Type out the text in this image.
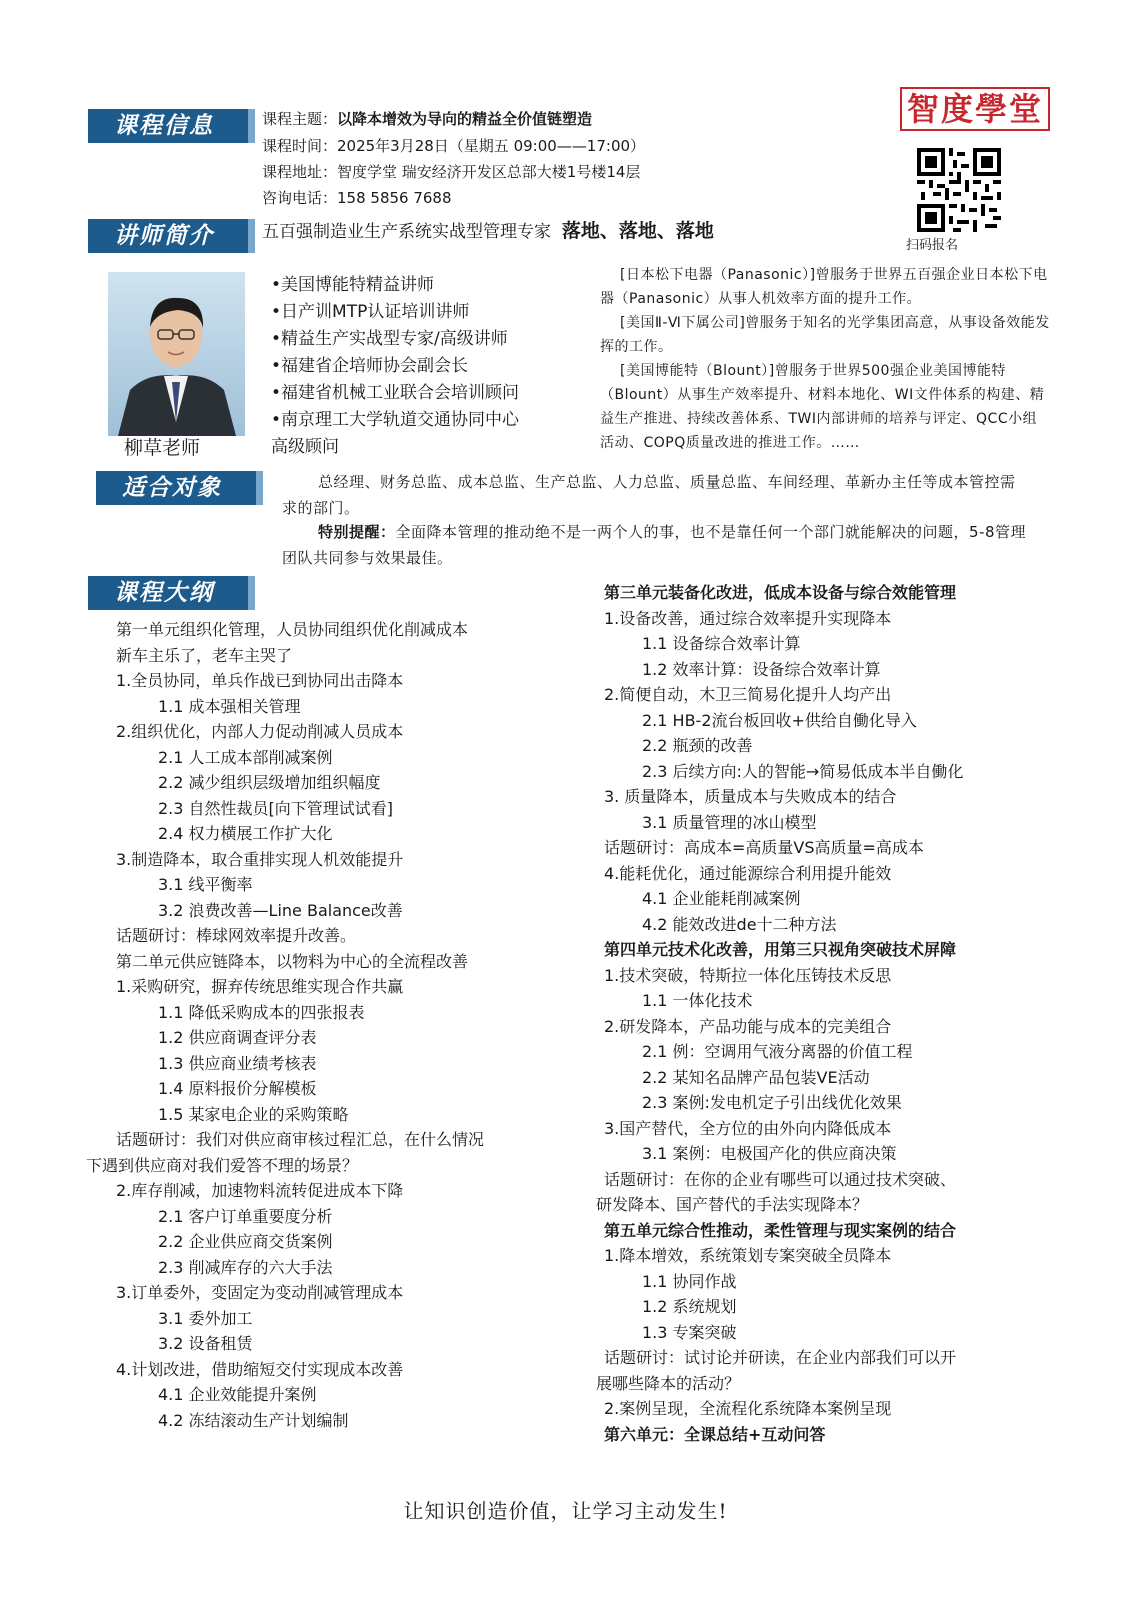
智度學堂
扫码报名
课程信息	课程主题：以降本增效为导向的精益全价值链塑造
课程时间：2025年3月28日（星期五 09:00——17:00）
课程地址：智度学堂 瑞安经济开发区总部大楼1号楼14层
咨询电话：158 5856 7688
讲师简介	五百强制造业生产系统实战型管理专家 落地、落地、落地
柳草老师
•美国博能特精益讲师
•日产训MTP认证培训讲师
•精益生产实战型专家/高级讲师
•福建省企培师协会副会长
•福建省机械工业联合会培训顾问
•南京理工大学轨道交通协同中心
高级顾问
[日本松下电器（Panasonic）]曾服务于世界五百强企业日本松下电器（Panasonic）从事人机效率方面的提升工作。
[美国Ⅱ-Ⅵ下属公司]曾服务于知名的光学集团高意，从事设备效能发挥的工作。
[美国博能特（Blount）]曾服务于世界500强企业美国博能特（Blount）从事生产效率提升、材料本地化、WI文件体系的构建、精益生产推进、持续改善体系、TWI内部讲师的培养与评定、QCC小组活动、COPQ质量改进的推进工作。……
适合对象	总经理、财务总监、成本总监、生产总监、人力总监、质量总监、车间经理、革新办主任等成本管控需求的部门。
特别提醒：全面降本管理的推动绝不是一两个人的事，也不是靠任何一个部门就能解决的问题，5-8管理团队共同参与效果最佳。
课程大纲
第一单元组织化管理，人员协同组织优化削减成本
新车主乐了，老车主哭了
1.全员协同，单兵作战已到协同出击降本
1.1 成本强相关管理
2.组织优化，内部人力促动削减人员成本
2.1 人工成本部削减案例
2.2 减少组织层级增加组织幅度
2.3 自然性裁员[向下管理试试看]
2.4 权力横展工作扩大化
3.制造降本，取合重排实现人机效能提升
3.1 线平衡率
3.2 浪费改善—Line Balance改善
话题研讨：棒球网效率提升改善。
第二单元供应链降本，以物料为中心的全流程改善
1.采购研究，摒弃传统思维实现合作共赢
1.1 降低采购成本的四张报表
1.2 供应商调查评分表
1.3 供应商业绩考核表
1.4 原料报价分解模板
1.5 某家电企业的采购策略
话题研讨：我们对供应商审核过程汇总，在什么情况
下遇到供应商对我们爱答不理的场景？
2.库存削减，加速物料流转促进成本下降
2.1 客户订单重要度分析
2.2 企业供应商交货案例
2.3 削减库存的六大手法
3.订单委外，变固定为变动削减管理成本
3.1 委外加工
3.2 设备租赁
4.计划改进，借助缩短交付实现成本改善
4.1 企业效能提升案例
4.2 冻结滚动生产计划编制
第三单元装备化改进，低成本设备与综合效能管理
1.设备改善，通过综合效率提升实现降本
1.1 设备综合效率计算
1.2 效率计算：设备综合效率计算
2.简便自动，木卫三简易化提升人均产出
2.1 HB-2流台板回收+供给自働化导入
2.2 瓶颈的改善
2.3 后续方向:人的智能→简易低成本半自働化
3. 质量降本，质量成本与失败成本的结合
3.1 质量管理的冰山模型
话题研讨：高成本=高质量VS高质量=高成本
4.能耗优化，通过能源综合利用提升能效
4.1 企业能耗削减案例
4.2 能效改进de十二种方法
第四单元技术化改善，用第三只视角突破技术屏障
1.技术突破，特斯拉一体化压铸技术反思
1.1 一体化技术
2.研发降本，产品功能与成本的完美组合
2.1 例：空调用气液分离器的价值工程
2.2 某知名品牌产品包装VE活动
2.3 案例:发电机定子引出线优化效果
3.国产替代，全方位的由外向内降低成本
3.1 案例：电极国产化的供应商决策
话题研讨：在你的企业有哪些可以通过技术突破、
研发降本、国产替代的手法实现降本？
第五单元综合性推动，柔性管理与现实案例的结合
1.降本增效，系统策划专案突破全员降本
1.1 协同作战
1.2 系统规划
1.3 专案突破
话题研讨：试讨论并研读，在企业内部我们可以开
展哪些降本的活动？
2.案例呈现，全流程化系统降本案例呈现
第六单元：全课总结+互动问答
让知识创造价值，让学习主动发生!
